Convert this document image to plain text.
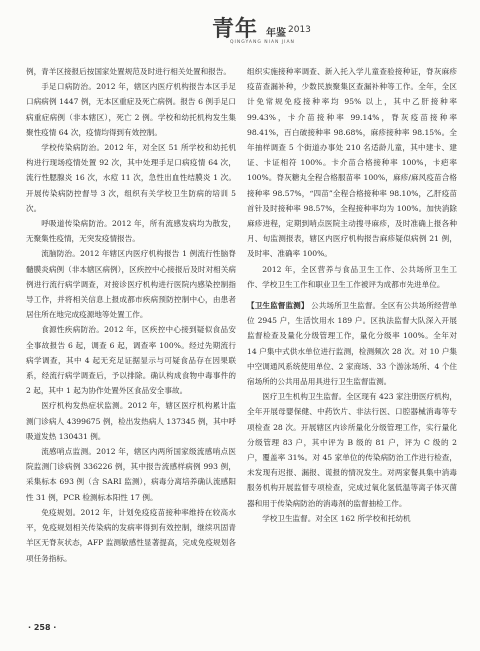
青年 年鉴 2013
QINGYANG NIAN JIAN

例，青羊区接报后按国家处置规范及时进行相关处置和报告。

手足口病防治。2012 年，辖区内医疗机构报告本区手足口病病例 1447 例，无本区重症及死亡病例。报告 6 例手足口病重症病例（非本辖区），死亡 2 例。学校和幼托机构发生集聚性疫情 64 次，疫情均得到有效控制。

学校传染病防治。2012 年，对全区 51 所学校和幼托机构进行现场疫情处置 92 次，其中处理手足口病疫情 64 次，流行性腮腺炎 16 次，水痘 11 次，急性出血性结膜炎 1 次。开展传染病防控督导 3 次，组织有关学校卫生防病的培训 5 次。

呼吸道传染病防治。2012 年，所有流感发病均为散发，无聚集性疫情，无突发疫情报告。

流脑防治。2012 年辖区内医疗机构报告 1 例流行性脑脊髓膜炎病例（非本辖区病例），区疾控中心接报后及时对相关病例进行流行病学调查，对接诊医疗机构进行医院内感染控制指导工作，并将相关信息上报成都市疾病预防控制中心，由患者居住所在地完成疫源地等处置工作。

食源性疾病防治。2012 年，区疾控中心接到疑似食品安全事故报告 6 起，调查 6 起，调查率 100%。经过先期流行病学调查，其中 4 起无充足证据显示与可疑食品存在因果联系，经流行病学调查后，予以排除。确认构成食物中毒事件的 2 起，其中 1 起为协作处置外区食品安全事故。

医疗机构发热症状监测。2012 年，辖区医疗机构累计监测门诊病人 4399675 例，检出发热病人 137345 例，其中呼吸道发热 130431 例。

流感哨点监测。2012 年，辖区内两所国家级流感哨点医院监测门诊病例 336226 例，其中报告流感样病例 993 例，采集标本 693 例（含 SARI 监测），病毒分离培养确认流感阳性 31 例，PCR 检测标本阳性 17 例。

免疫规划。2012 年，计划免疫疫苗接种率维持在较高水平，免疫规划相关传染病的发病率得到有效控制，继续巩固青羊区无脊灰状态，AFP 监测敏感性显著提高，完成免疫规划各项任务指标。

组织实施接种率调查、新入托入学儿童查验接种证，脊灰麻疹疫苗查漏补种，少数民族聚集区查漏补种等工作。全年，全区计免常规免疫接种率均 95% 以上，其中乙肝接种率 99.43%，卡介苗接种率 99.14%，脊灰疫苗接种率 98.41%，百白破接种率 98.68%，麻疹接种率 98.15%。全年抽样调查 5 个街道办事处 210 名适龄儿童，其中建卡、建证、卡证相符 100%。卡介苗合格接种率 100%，卡疤率 100%。脊灰糖丸全程合格服苗率 100%，麻疹/麻风疫苗合格接种率 98.57%，“四苗”全程合格接种率 98.10%，乙肝疫苗首针及时接种率 98.57%，全程接种率均为 100%。加快消除麻疹进程，定期到哨点医院主动搜寻麻疹，及时准确上报各种月、旬监测报表，辖区内医疗机构报告麻疹疑似病例 21 例，及时率、准确率 100%。

2012 年，全区营养与食品卫生工作、公共场所卫生工作、学校卫生工作和职业卫生工作被评为成都市先进单位。

【卫生监督监测】 公共场所卫生监督。全区有公共场所经营单位 2945 户，生活饮用水 189 户。区执法监督大队深入开展监督检查及量化分级管理工作，量化分级率 100%。全年对 14 户集中式供水单位进行监测，检测频次 28 次。对 10 户集中空调通风系统使用单位、2 家商场、33 个游泳场所、4 个住宿场所的公共用品用具进行卫生监督监测。

医疗卫生机构卫生监督。全区现有 423 家注册医疗机构，全年开展母婴保健、中药饮片、非法行医、口腔器械消毒等专项检查 28 次。开展辖区内诊所量化分级管理工作，实行量化分级管理 83 户，其中评为 B 级的 81 户，评为 C 级的 2 户，覆盖率 31%。对 45 家单位的传染病防治工作进行检查，未发现有迟报、漏报、谎报的情况发生。对两家餐具集中消毒服务机构开展监督专项检查，完成过氧化氢低温等离子体灭菌器和用于传染病防治的消毒剂的监督抽检工作。

学校卫生监督。对全区 162 所学校和托幼机

· 258 ·
